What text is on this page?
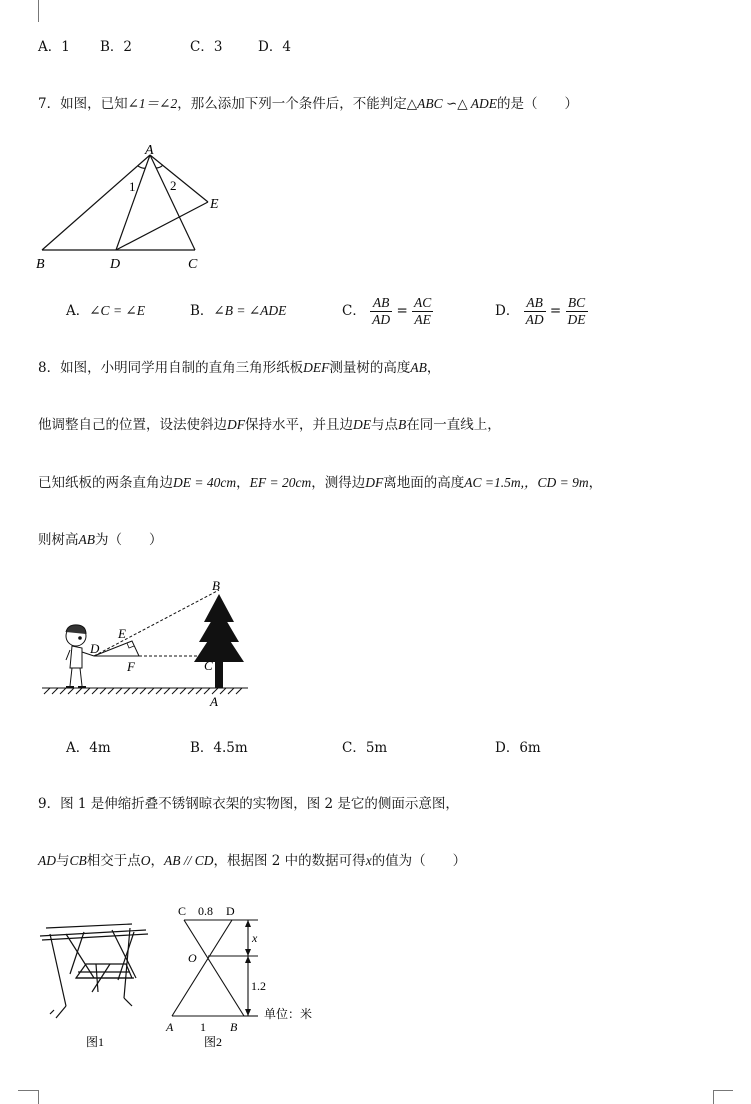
A．1 B．2	C．3	D．4
7．如图，已知∠1＝∠2，那么添加下列一个条件后，不能判定△ABC ∽△ ADE的是（　　）
A
B	D	C
E
1	2
A．∠C = ∠E	B．∠B = ∠ADE	C． $\frac{AB}{AD} = \frac{AC}{AE}$	D． $\frac{AB}{AD} = \frac{BC}{DE}$
8．如图，小明同学用自制的直角三角形纸板DEF测量树的高度AB，
他调整自己的位置，设法使斜边DF保持水平，并且边DE与点B在同一直线上，
已知纸板的两条直角边DE = 40cm，EF = 20cm，测得边DF离地面的高度AC =1.5m,，CD = 9m，
则树高AB为（　　）
B
E
D
F	C
A
A．4m	B．4.5m	C．5m	D．6m
9．图 1 是伸缩折叠不锈钢晾衣架的实物图，图 2 是它的侧面示意图，
AD与CB相交于点O，AB // CD，根据图 2 中的数据可得x的值为（　　）
图1
C 0.8 D
x
O
1.2
A 1 B
单位：米
图2
